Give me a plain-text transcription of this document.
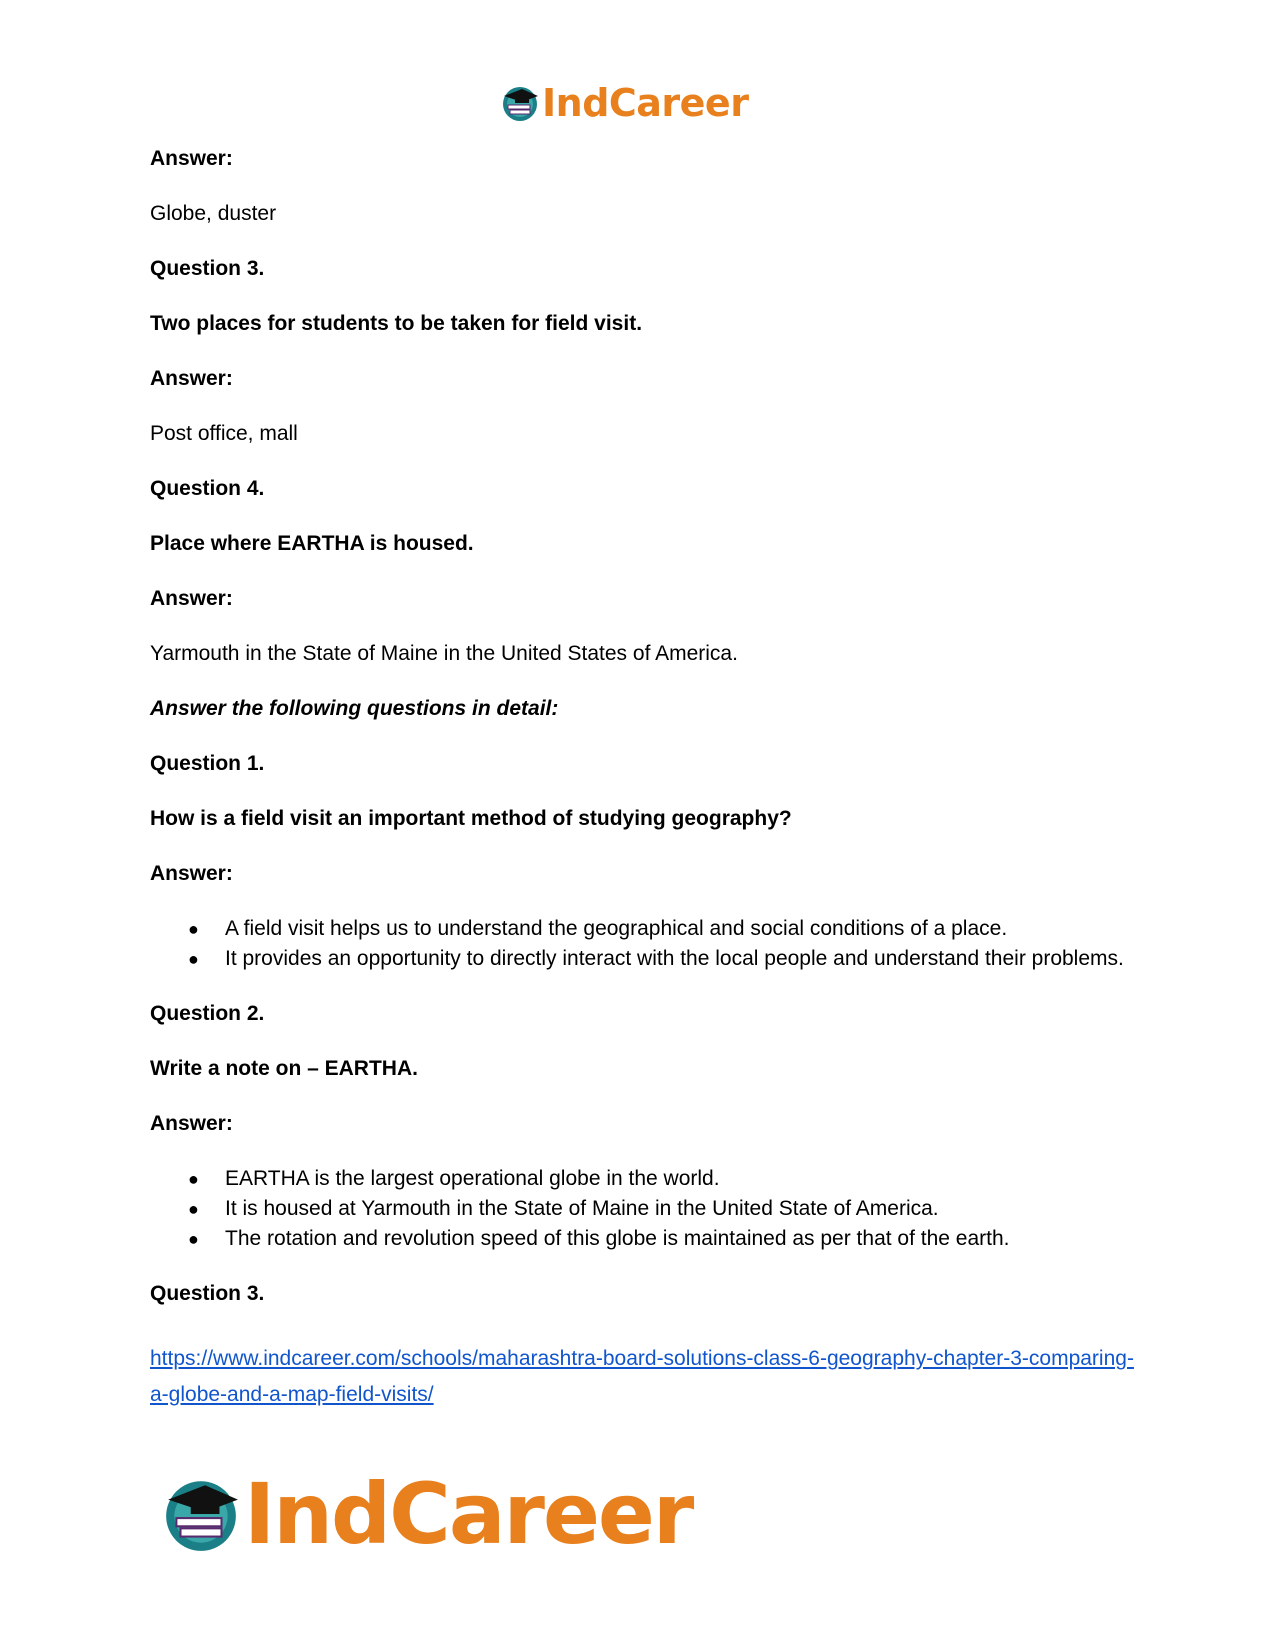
IndCareer
Answer:
Globe, duster
Question 3.
Two places for students to be taken for field visit.
Answer:
Post office, mall
Question 4.
Place where EARTHA is housed.
Answer:
Yarmouth in the State of Maine in the United States of America.
Answer the following questions in detail:
Question 1.
How is a field visit an important method of studying geography?
Answer:
● A field visit helps us to understand the geographical and social conditions of a place.
● It provides an opportunity to directly interact with the local people and understand their problems.
Question 2.
Write a note on – EARTHA.
Answer:
● EARTHA is the largest operational globe in the world.
● It is housed at Yarmouth in the State of Maine in the United State of America.
● The rotation and revolution speed of this globe is maintained as per that of the earth.
Question 3.
https://www.indcareer.com/schools/maharashtra-board-solutions-class-6-geography-chapter-3-comparing-a-globe-and-a-map-field-visits/
IndCareer
